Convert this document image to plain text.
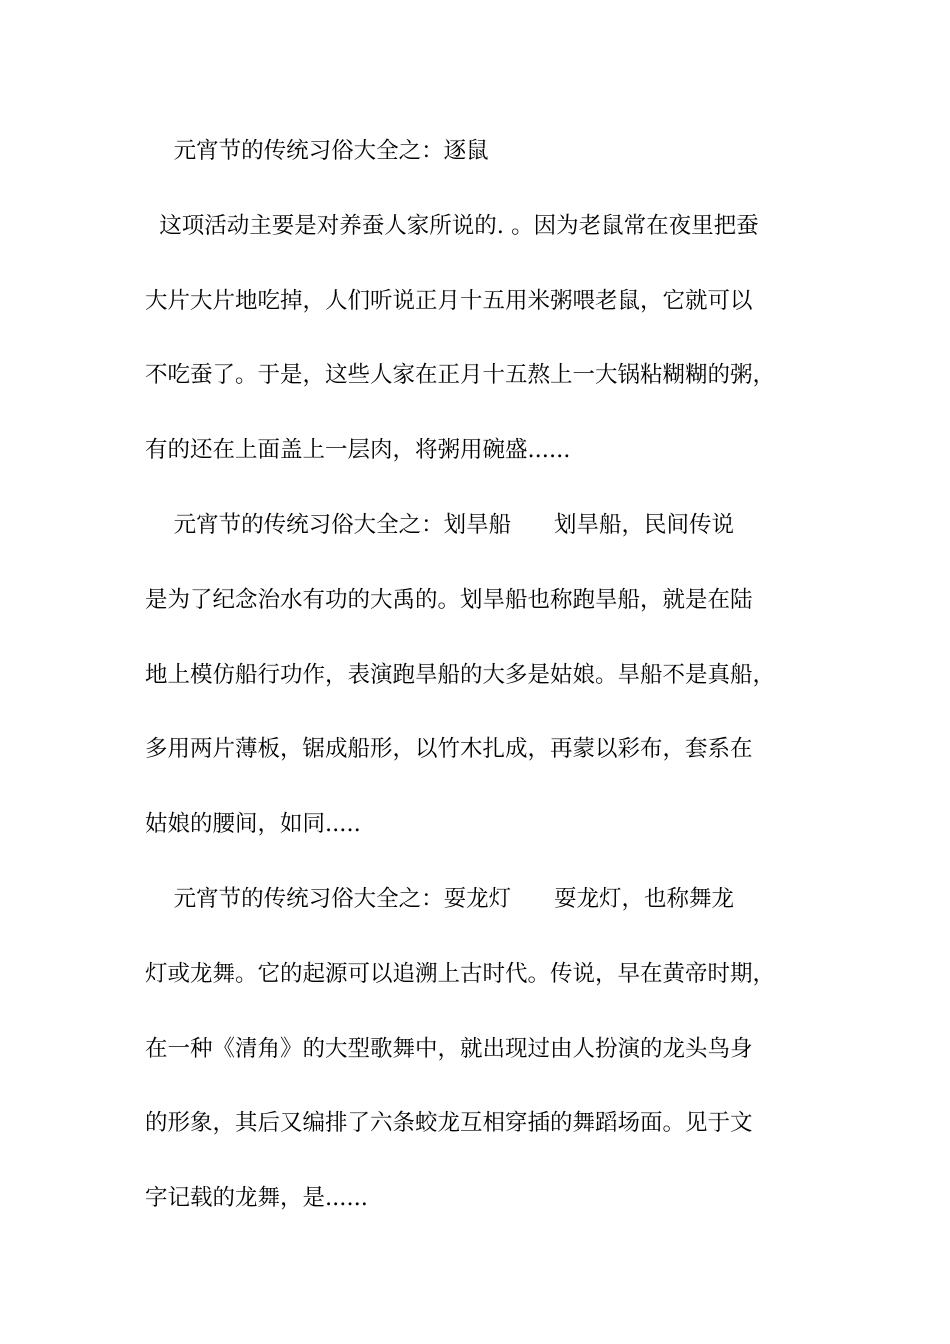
元宵节的传统习俗大全之：逐鼠
这项活动主要是对养蚕人家所说的. 。因为老鼠常在夜里把蚕
大片大片地吃掉，人们听说正月十五用米粥喂老鼠，它就可以
不吃蚕了。于是，这些人家在正月十五熬上一大锅粘糊糊的粥，
有的还在上面盖上一层肉，将粥用碗盛......
元宵节的传统习俗大全之：划旱船      划旱船，民间传说
是为了纪念治水有功的大禹的。划旱船也称跑旱船，就是在陆
地上模仿船行功作，表演跑旱船的大多是姑娘。旱船不是真船，
多用两片薄板，锯成船形，以竹木扎成，再蒙以彩布，套系在
姑娘的腰间，如同.....
元宵节的传统习俗大全之：耍龙灯      耍龙灯，也称舞龙
灯或龙舞。它的起源可以追溯上古时代。传说，早在黄帝时期，
在一种《清角》的大型歌舞中，就出现过由人扮演的龙头鸟身
的形象，其后又编排了六条蛟龙互相穿插的舞蹈场面。见于文
字记载的龙舞，是......
